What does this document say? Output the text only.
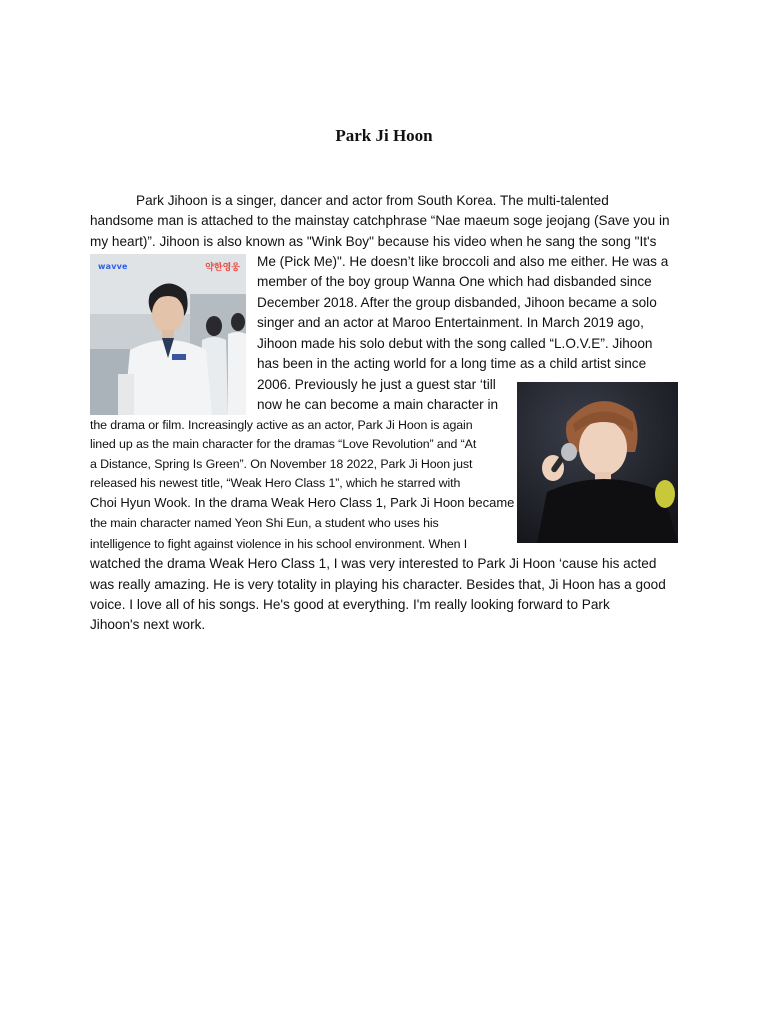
Park Ji Hoon
Park Jihoon is a singer, dancer and actor from South Korea. The multi-talented
handsome man is attached to the mainstay catchphrase “Nae maeum soge jeojang (Save you in
my heart)”. Jihoon is also known as "Wink Boy" because his video when he sang the song "It's
Me (Pick Me)". He doesn’t like broccoli and also me either. He was a
member of the boy group Wanna One which had disbanded since
December 2018. After the group disbanded, Jihoon became a solo
singer and an actor at Maroo Entertainment. In March 2019 ago,
Jihoon made his solo debut with the song called “L.O.V.E”. Jihoon
has been in the acting world for a long time as a child artist since
2006. Previously he just a guest star ‘till
now he can become a main character in
the drama or film. Increasingly active as an actor, Park Ji Hoon is again
lined up as the main character for the dramas “Love Revolution” and “At
a Distance, Spring Is Green”. On November 18 2022, Park Ji Hoon just
released his newest title, “Weak Hero Class 1”, which he starred with
Choi Hyun Wook. In the drama Weak Hero Class 1, Park Ji Hoon became
the main character named Yeon Shi Eun, a student who uses his
intelligence to fight against violence in his school environment. When I
watched the drama Weak Hero Class 1, I was very interested to Park Ji Hoon ‘cause his acted
was really amazing. He is very totality in playing his character. Besides that, Ji Hoon has a good
voice. I love all of his songs. He's good at everything. I'm really looking forward to Park
Jihoon's next work.
wavve	약한영웅
